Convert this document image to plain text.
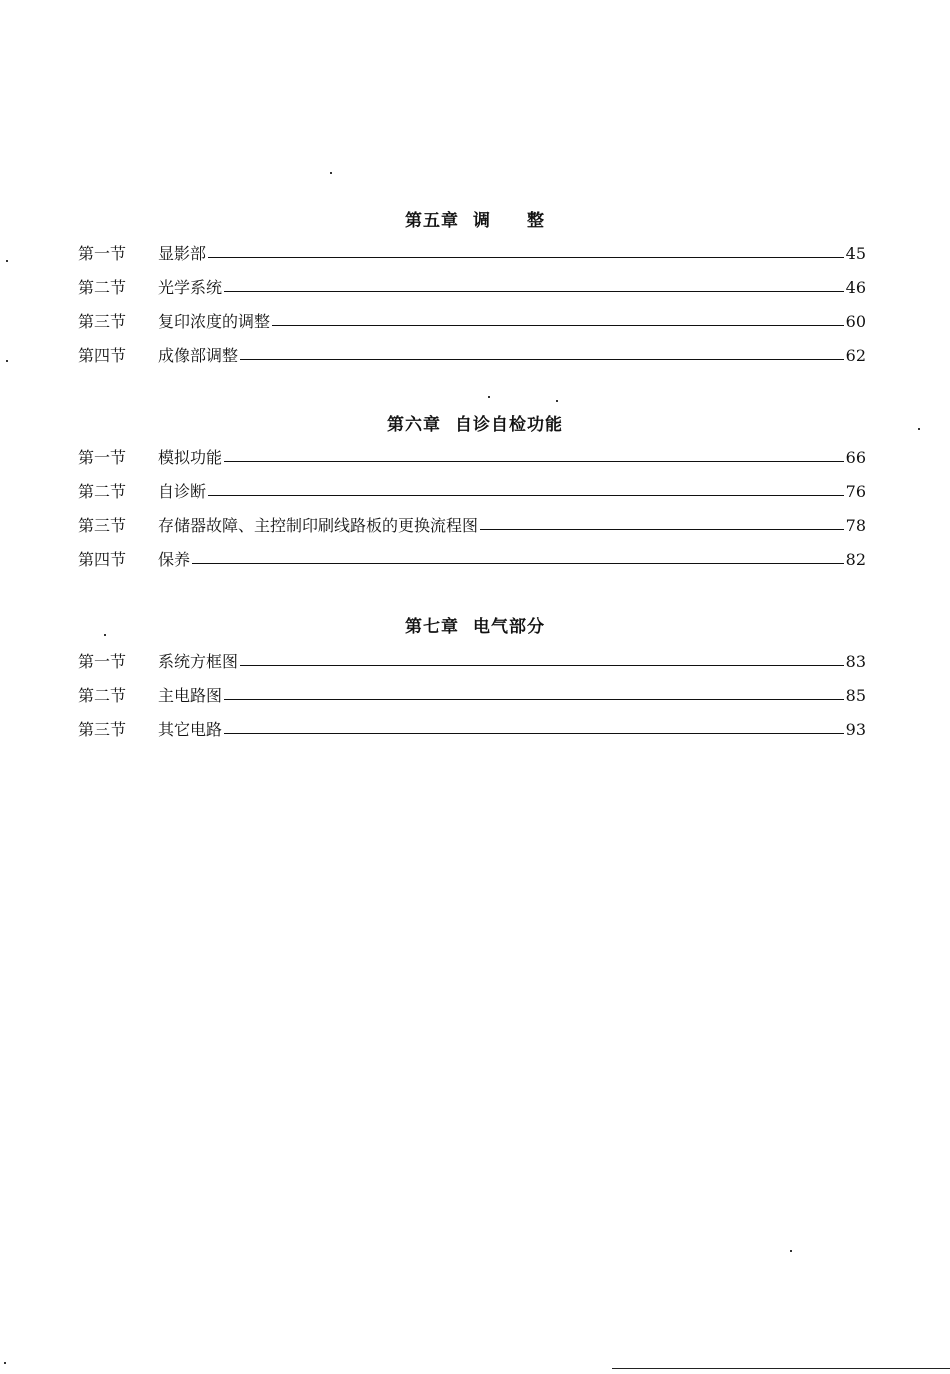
第五章 调　　整
第一节	显影部	45
第二节	光学系统	46
第三节	复印浓度的调整	60
第四节	成像部调整	62
第六章 自诊自检功能
第一节	模拟功能	66
第二节	自诊断	76
第三节	存储器故障、主控制印刷线路板的更换流程图	78
第四节	保养	82
第七章 电气部分
第一节	系统方框图	83
第二节	主电路图	85
第三节	其它电路	93
